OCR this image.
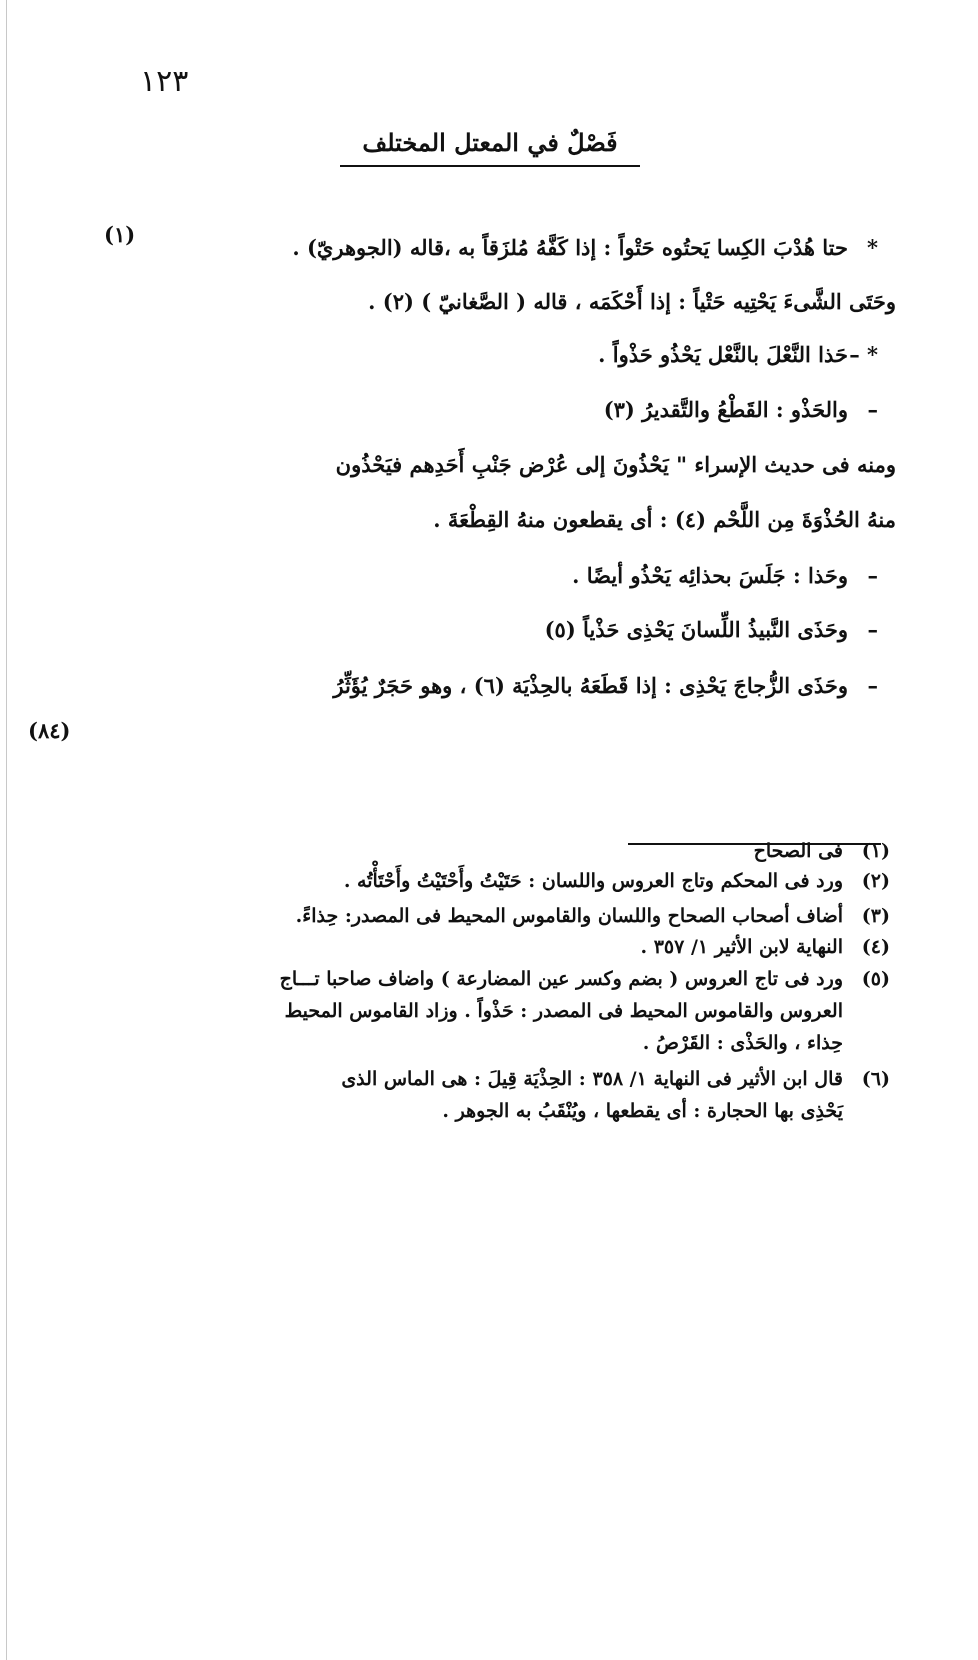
١٢٣
فَصْلٌ في المعتل المختلف
(١)
*
حتا هُدْبَ الكِسا يَحتُوه حَتْواً : إذا كَفَّهُ مُلزَقاً به ،قاله (الجوهريّ) .
وحَتَى الشَّىءَ يَحْتِيه حَتْياً : إذا أَحْكَمَه ، قاله ( الصَّغانيّ ) (٢) .
* –
حَذا النَّعْلَ بالنَّعْل يَحْذُو حَذْواً .
–
والحَذْو : القَطْعُ والتَّقديرُ (٣)
ومنه فى حديث الإسراء " يَحْذُونَ إلى عُرْض جَنْبِ أَحَدِهم فيَحْذُون
منهُ الحُذْوَةَ مِن اللَّحْم (٤) : أى يقطعون منهُ القِطْعَةَ .
–
وحَذا : جَلَسَ بحذائِه يَحْذُو أيضًا .
–
وحَذَى النَّبيذُ اللِّسانَ يَحْذِى حَذْياً (٥)
–
وحَذَى الزُّجاجَ يَحْذِى : إذا قَطَعَهُ بالحِذْيَة (٦) ، وهو حَجَرٌ يُؤَثِّرُ
(٨٤)
(١)
فى الصحاح
(٢)
ورد فى المحكم وتاج العروس واللسان : حَتَيْتُ وأَحْتَيْتُ وأَحْتَأْتُه .
(٣)
أضاف أصحاب الصحاح واللسان والقاموس المحيط فى المصدر: حِذاءً.
(٤)
النهاية لابن الأثير ١/ ٣٥٧ .
(٥)
ورد فى تاج العروس ( بضم وكسر عين المضارعة ) واضاف صاحبا تـــاج
العروس والقاموس المحيط فى المصدر : حَذْواً . وزاد القاموس المحيط
حِذاء ، والحَذْى : القَرْصُ .
(٦)
قال ابن الأثير فى النهاية ١/ ٣٥٨ : الحِذْيَة قِيلَ : هى الماس الذى
يَحْذِى بها الحجارة : أى يقطعها ، ويُنْقَبُ به الجوهر .
